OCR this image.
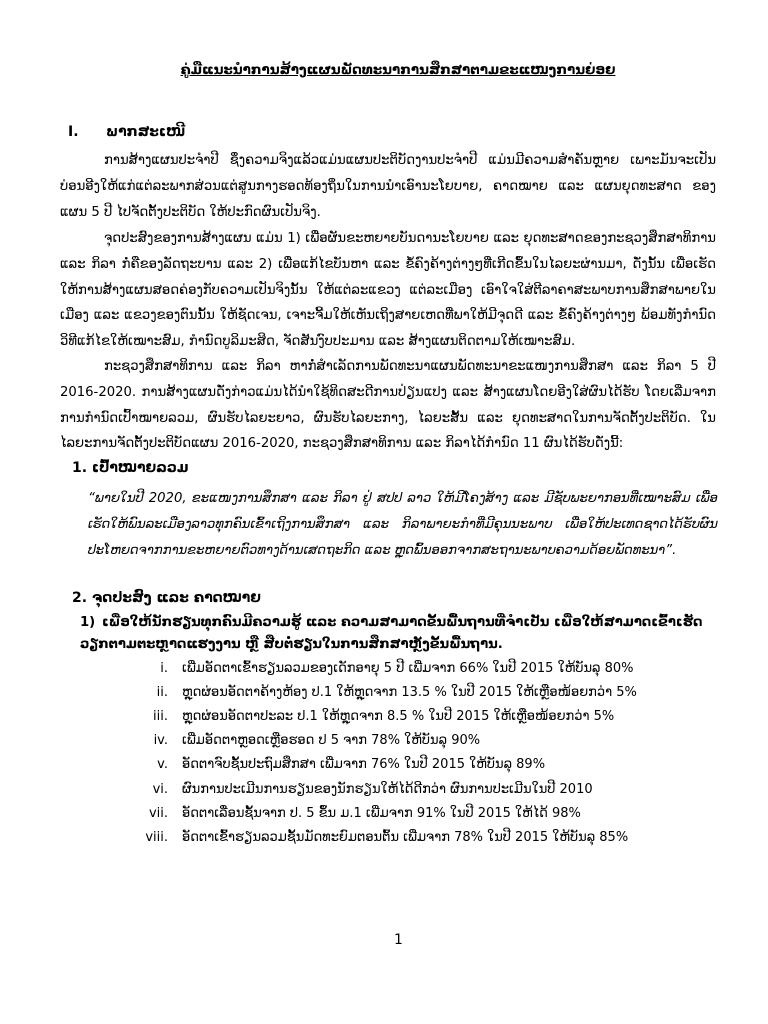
ຄູ່ມືແນະນຳການສ້າງແຜນພັດທະນາການສຶກສາຕາມຂະແໜງການຍ່ອຍ
I. ພາກສະເໜີ
ການສ້າງແຜນປະຈຳປີ ຊຶ່ງຄວາມຈິງແລ້ວແມ່ນແຜນປະຕິບັດງານປະຈຳປີ ແມ່ນມີຄວາມສຳຄັນຫຼາຍ ເພາະມັນຈະເປັນບ່ອນອີງໃຫ້ແກ່ແຕ່ລະພາກສ່ວນແຕ່ສູນກາງຮອດທ້ອງຖິ່ນໃນການນຳເອົານະໂຍບາຍ, ຄາດໝາຍ ແລະ ແຜນຍຸດທະສາດ ຂອງແຜນ 5 ປີ ໄປຈັດຕັ້ງປະຕິບັດ ໃຫ້ປະກົດຜົນເປັນຈິງ.
ຈຸດປະສົງຂອງການສ້າງແຜນ ແມ່ນ 1) ເພື່ອຜັນຂະຫຍາຍບັນດານະໂຍບາຍ ແລະ ຍຸດທະສາດຂອງກະຊວງສຶກສາທິການ ແລະ ກິລາ ກໍ່ຄືຂອງລັດຖະບານ ແລະ 2) ເພື່ອແກ້ໄຂບັນຫາ ແລະ ຂໍ້ຄົງຄ້າງຕ່າງໆທີ່ເກີດຂຶ້ນໃນໄລຍະຜ່ານມາ, ດັ່ງນັ້ນ ເພື່ອເຮັດໃຫ້ການສ້າງແຜນສອດຄ່ອງກັບຄວາມເປັນຈິງນັ້ນ ໃຫ້ແຕ່ລະແຂວງ ແຕ່ລະເມືອງ ເອົາໃຈໃສ່ຕີລາຄາສະພາບການສຶກສາພາຍໃນເມືອງ ແລະ ແຂວງຂອງຕົນນັ້ນ ໃຫ້ຊັດເຈນ, ເຈາະຈີ້ມໃຫ້ເຫັນເຖິງສາຍເຫດທີ່ພາໃຫ້ມີຈຸດດີ ແລະ ຂໍ້ຄົງຄ້າງຕ່າງໆ ພ້ອມທັງກຳນົດວິທີແກ້ໄຂໃຫ້ເໝາະສົມ, ກຳນົດບູລິມະສິດ, ຈັດສັນງົບປະມານ ແລະ ສ້າງແຜນຕິດຕາມໃຫ້ເໝາະສົມ.
ກະຊວງສຶກສາທິການ ແລະ ກິລາ ຫາກໍ່ສຳເລັດການພັດທະນາແຜນພັດທະນາຂະແໜງການສຶກສາ ແລະ ກິລາ 5 ປີ 2016-2020. ການສ້າງແຜນດັ່ງກ່າວແມ່ນໄດ້ນຳໃຊ້ທິດສະດີການປ່ຽນແປງ ແລະ ສ້າງແຜນໂດຍອີງໃສ່ຜົນໄດ້ຮັບ ໂດຍເລີ່ມຈາກການກຳນົດເປົ້າໝາຍລວມ, ຜົນຮັບໄລຍະຍາວ, ຜົນຮັບໄລຍະກາງ, ໄລຍະສັ້ນ ແລະ ຍຸດທະສາດໃນການຈັດຕັ້ງປະຕິບັດ. ໃນໄລຍະການຈັດຕັ້ງປະຕິບັດແຜນ 2016-2020, ກະຊວງສຶກສາທິການ ແລະ ກິລາໄດ້ກຳນົດ 11 ຜົນໄດ້ຮັບດັ່ງນີ້:
1. ເປົ້າໝາຍລວມ
“ພາຍໃນປີ 2020, ຂະແໜງການສຶກສາ ແລະ ກິລາ ຢູ່ ສປປ ລາວ ໃຫ້ມີໂຄງສ້າງ ແລະ ມີຊັບພະຍາກອນທີ່ເໝາະສົມ ເພື່ອເຮັດໃຫ້ພົນລະເມືອງລາວທຸກຄົນເຂົ້າເຖິງການສຶກສາ ແລະ ກິລາພາຍະກຳທີ່ມີຄຸນນະພາບ ເພື່ອໃຫ້ປະເທດຊາດໄດ້ຮັບຜົນປະໂຫຍດຈາກການຂະຫຍາຍຕົວທາງດ້ານເສດຖະກິດ ແລະ ຫຼຸດພົ້ນອອກຈາກສະຖານະພາບຄວາມດ້ອຍພັດທະນາ”.
2. ຈຸດປະສົງ ແລະ ຄາດໝາຍ
1) ເພື່ອໃຫ້ນັກຮຽນທຸກຄົນມີຄວາມຮູ້ ແລະ ຄວາມສາມາດຂັ້ນພື້ນຖານທີ່ຈຳເປັນ ເພື່ອໃຫ້ສາມາດເຂົ້າເຮັດວຽກຕາມຕະຫຼາດແຮງງານ ຫຼື ສືບຕໍ່ຮຽນໃນການສຶກສາຫຼັງຂັ້ນພື້ນຖານ.
i.	ເພີ່ມອັດຕາເຂົ້າຮຽນລວມຂອງເດັກອາຍຸ 5 ປີ ເພີ່ມຈາກ 66% ໃນປີ 2015 ໃຫ້ບັນລຸ 80%
ii.	ຫຼຸດຜ່ອນອັດຕາຄ້າງຫ້ອງ ປ.1 ໃຫ້ຫຼຸດຈາກ 13.5 % ໃນປີ 2015 ໃຫ້ເຫຼືອໜ້ອຍກວ່າ 5%
iii.	ຫຼຸດຜ່ອນອັດຕາປະລະ ປ.1 ໃຫ້ຫຼຸດຈາກ 8.5 % ໃນປີ 2015 ໃຫ້ເຫຼືອໜ້ອຍກວ່າ 5%
iv.	ເພີ່ມອັດຕາຫຼອດເຫຼືອຮອດ ປ 5 ຈາກ 78% ໃຫ້ບັນລຸ 90%
v.	ອັດຕາຈົບຊັ້ນປະຖົມສຶກສາ ເພີ່ມຈາກ 76% ໃນປີ 2015 ໃຫ້ບັນລຸ 89%
vi.	ຜົນການປະເມີນການຮຽນຂອງນັກຮຽນໃຫ້ໄດ້ດີກວ່າ ຜົນການປະເມີນໃນປີ 2010
vii.	ອັດຕາເລື່ອນຊັ້ນຈາກ ປ. 5 ຂຶ້ນ ມ.1 ເພີ່ມຈາກ 91% ໃນປີ 2015 ໃຫ້ໄດ້ 98%
viii.	ອັດຕາເຂົ້າຮຽນລວມຊັ້ນມັດທະຍົມຕອນຕົ້ນ ເພີ່ມຈາກ 78% ໃນປີ 2015 ໃຫ້ບັນລຸ 85%
1
